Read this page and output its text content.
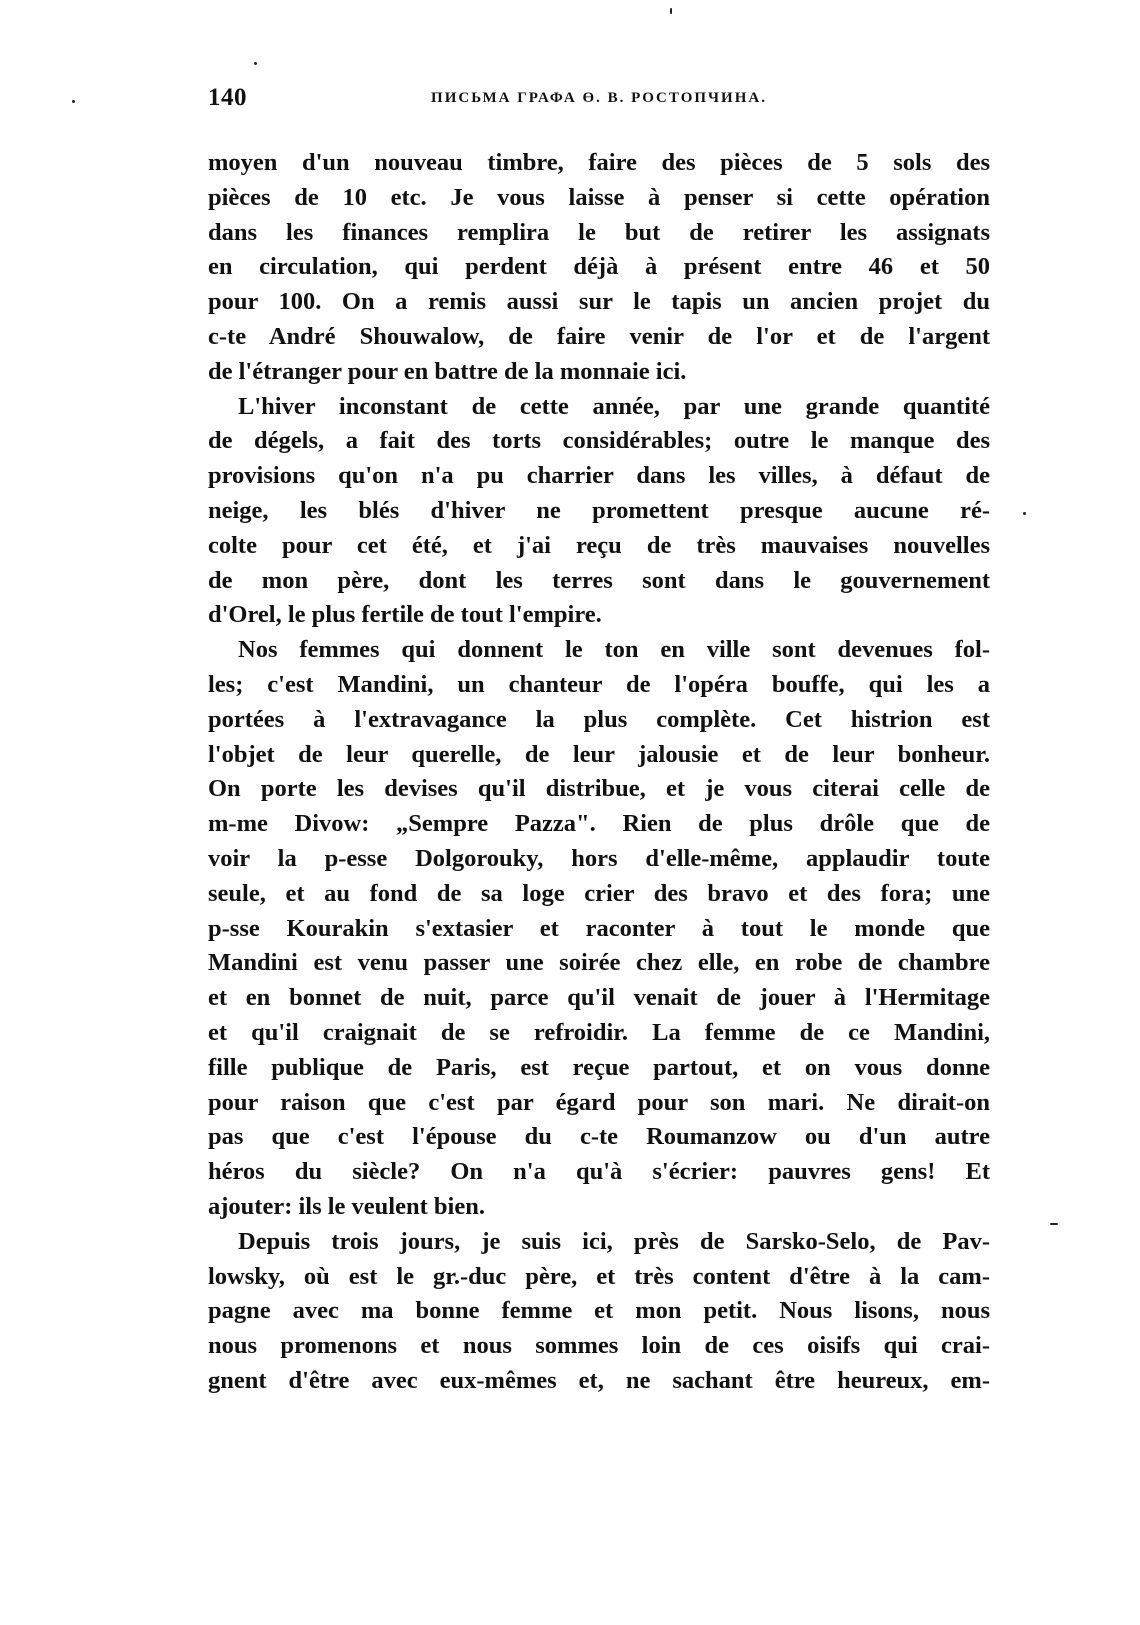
140	ПИСЬМА ГРАФА Ө. В. РОСТОПЧИНА.
moyen d'un nouveau timbre, faire des pièces de 5 sols des
pièces de 10 etc. Je vous laisse à penser si cette opération
dans les finances remplira le but de retirer les assignats
en circulation, qui perdent déjà à présent entre 46 et 50
pour 100. On a remis aussi sur le tapis un ancien projet du
c-te André Shouwalow, de faire venir de l'or et de l'argent
de l'étranger pour en battre de la monnaie ici.
L'hiver inconstant de cette année, par une grande quantité
de dégels, a fait des torts considérables; outre le manque des
provisions qu'on n'a pu charrier dans les villes, à défaut de
neige, les blés d'hiver ne promettent presque aucune ré-
colte pour cet été, et j'ai reçu de très mauvaises nouvelles
de mon père, dont les terres sont dans le gouvernement
d'Orel, le plus fertile de tout l'empire.
Nos femmes qui donnent le ton en ville sont devenues fol-
les; c'est Mandini, un chanteur de l'opéra bouffe, qui les a
portées à l'extravagance la plus complète. Cet histrion est
l'objet de leur querelle, de leur jalousie et de leur bonheur.
On porte les devises qu'il distribue, et je vous citerai celle de
m-me Divow: „Sempre Pazza". Rien de plus drôle que de
voir la p-esse Dolgorouky, hors d'elle-même, applaudir toute
seule, et au fond de sa loge crier des bravo et des fora; une
p-sse Kourakin s'extasier et raconter à tout le monde que
Mandini est venu passer une soirée chez elle, en robe de chambre
et en bonnet de nuit, parce qu'il venait de jouer à l'Hermitage
et qu'il craignait de se refroidir. La femme de ce Mandini,
fille publique de Paris, est reçue partout, et on vous donne
pour raison que c'est par égard pour son mari. Ne dirait-on
pas que c'est l'épouse du c-te Roumanzow ou d'un autre
héros du siècle? On n'a qu'à s'écrier: pauvres gens! Et
ajouter: ils le veulent bien.
Depuis trois jours, je suis ici, près de Sarsko-Selo, de Pav-
lowsky, où est le gr.-duc père, et très content d'être à la cam-
pagne avec ma bonne femme et mon petit. Nous lisons, nous
nous promenons et nous sommes loin de ces oisifs qui crai-
gnent d'être avec eux-mêmes et, ne sachant être heureux, em-
